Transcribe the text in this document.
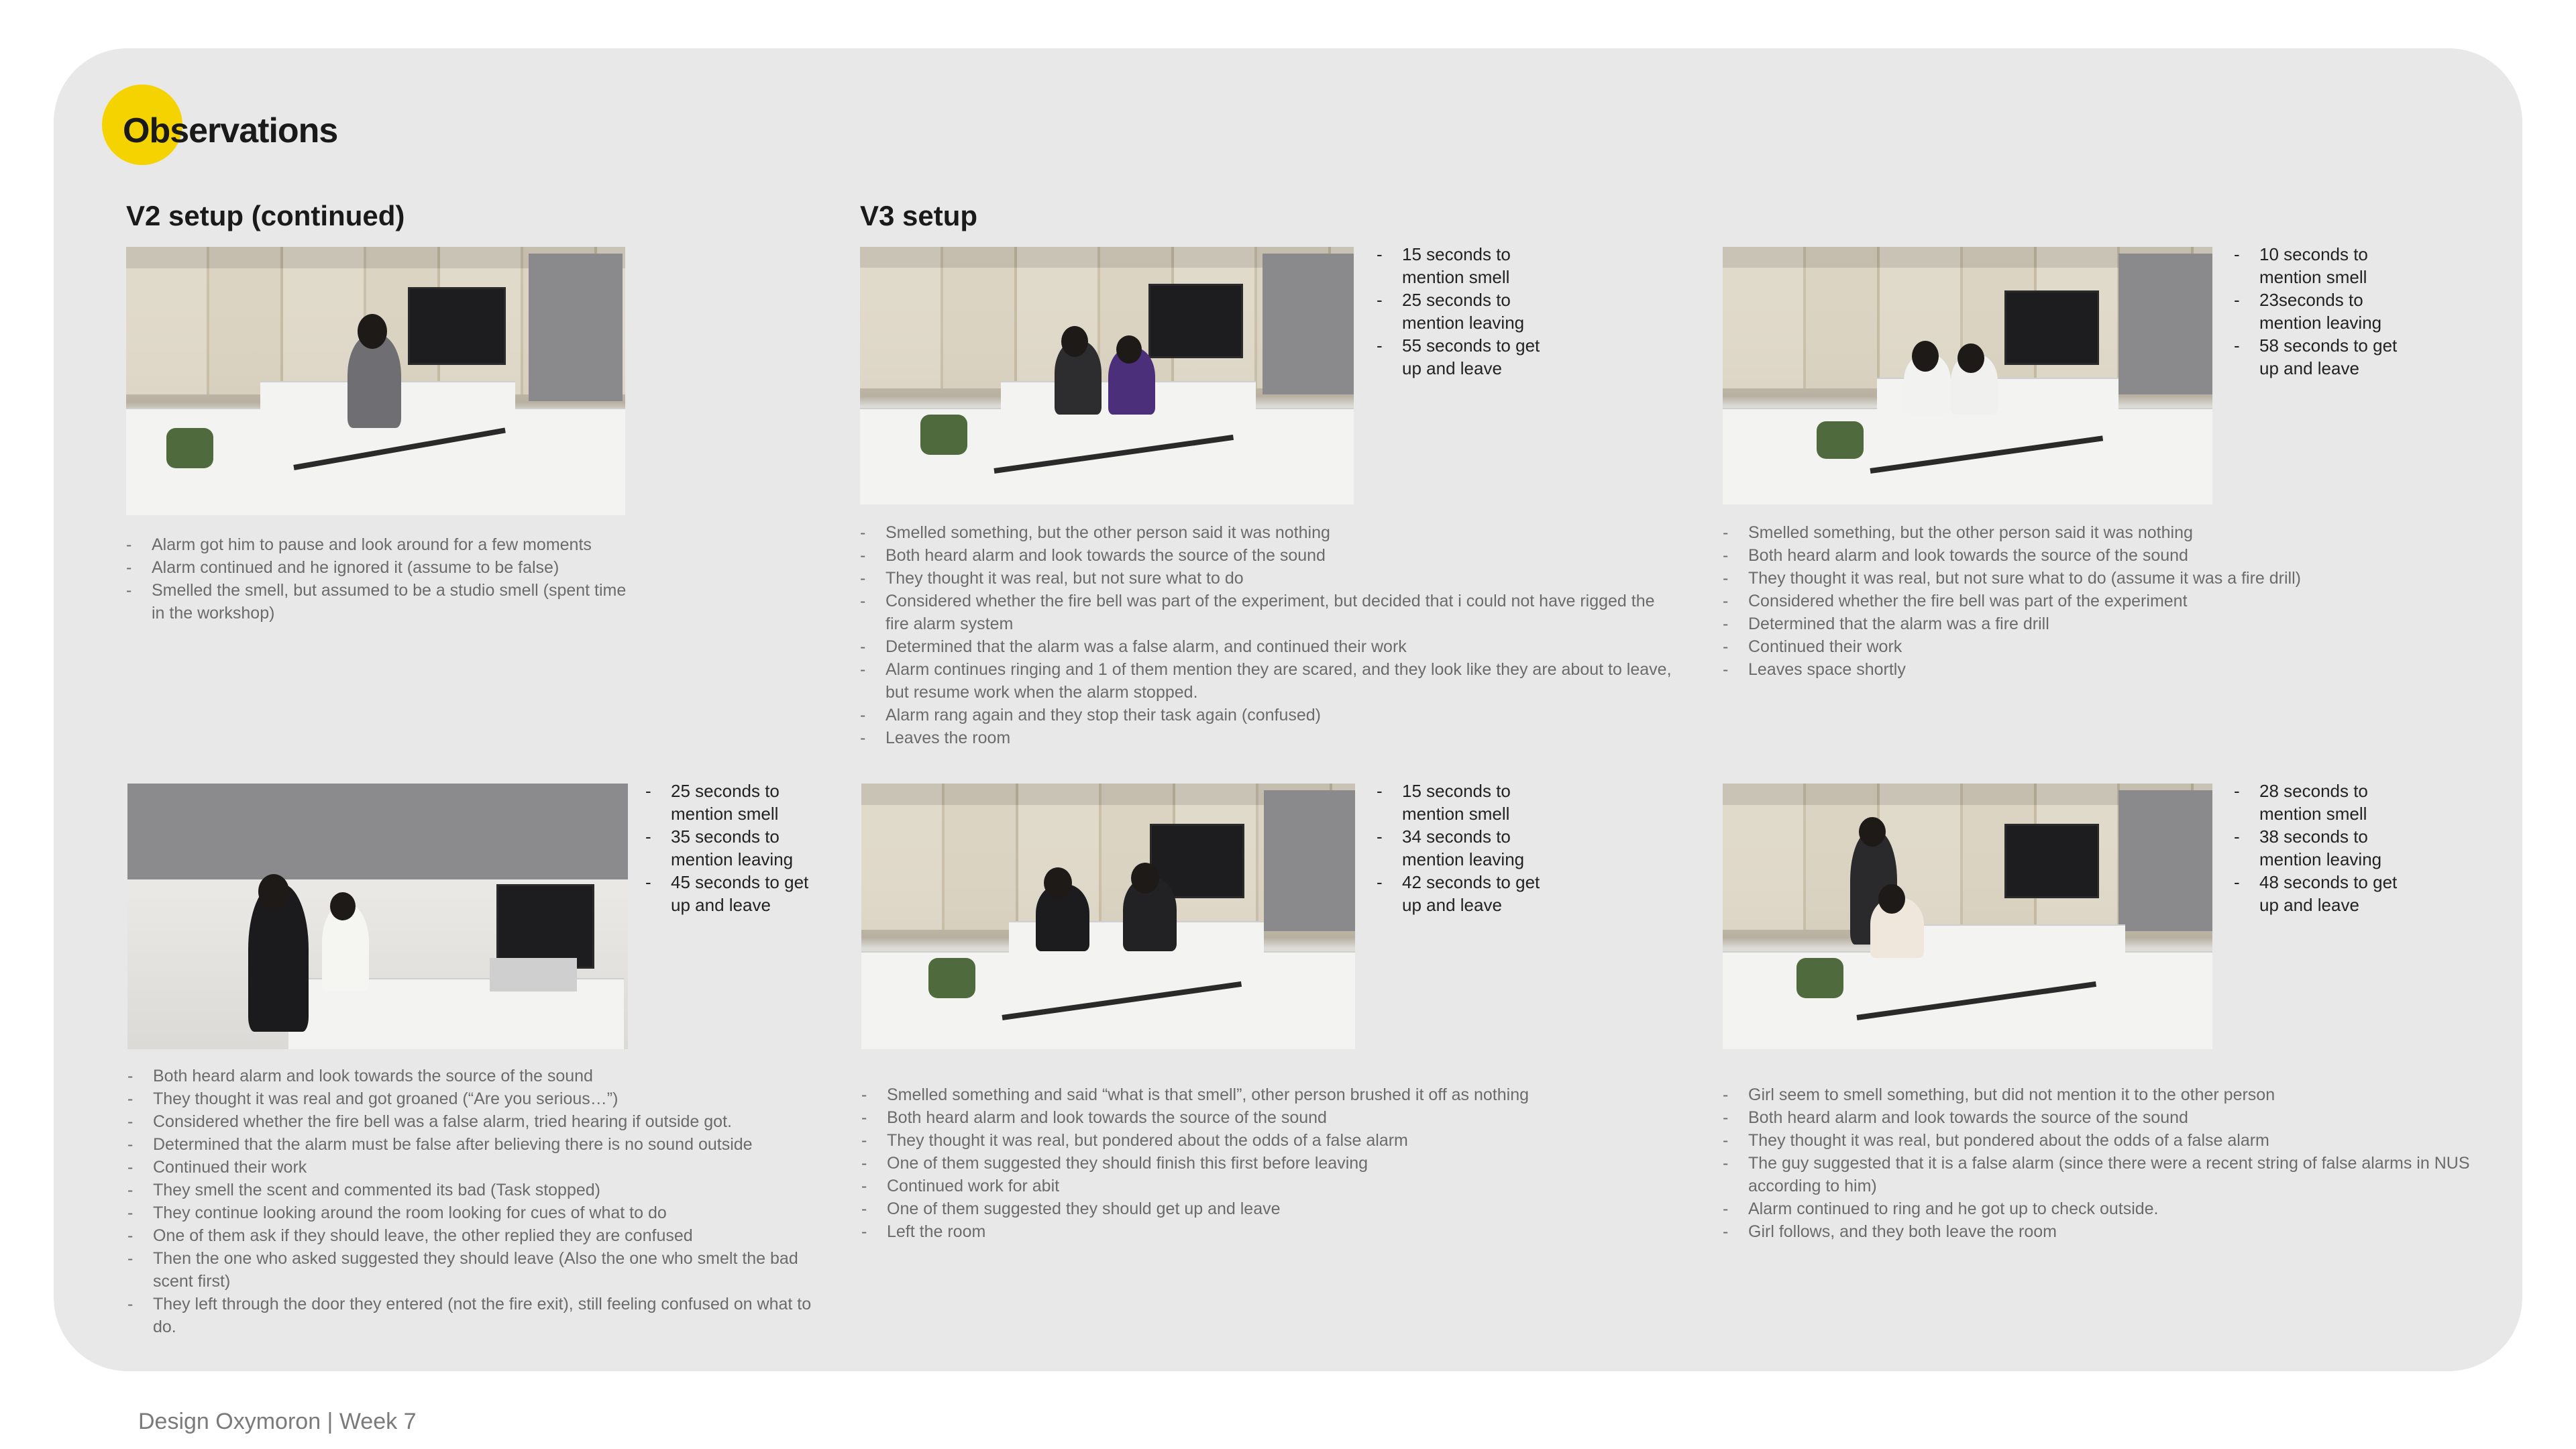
Observations
V2 setup (continued)	V3 setup
- Alarm got him to pause and look around for a few moments
- Alarm continued and he ignored it (assume to be false)
- Smelled the smell, but assumed to be a studio smell (spent time in the workshop)
- 15 seconds to mention smell
- 25 seconds to mention leaving
- 55 seconds to get up and leave
- Smelled something, but the other person said it was nothing
- Both heard alarm and look towards the source of the sound
- They thought it was real, but not sure what to do
- Considered whether the fire bell was part of the experiment, but decided that i could not have rigged the fire alarm system
- Determined that the alarm was a false alarm, and continued their work
- Alarm continues ringing and 1 of them mention they are scared, and they look like they are about to leave, but resume work when the alarm stopped.
- Alarm rang again and they stop their task again (confused)
- Leaves the room
- 10 seconds to mention smell
- 23seconds to mention leaving
- 58 seconds to get up and leave
- Smelled something, but the other person said it was nothing
- Both heard alarm and look towards the source of the sound
- They thought it was real, but not sure what to do (assume it was a fire drill)
- Considered whether the fire bell was part of the experiment
- Determined that the alarm was a fire drill
- Continued their work
- Leaves space shortly
- 25 seconds to mention smell
- 35 seconds to mention leaving
- 45 seconds to get up and leave
- Both heard alarm and look towards the source of the sound
- They thought it was real and got groaned (“Are you serious…”)
- Considered whether the fire bell was a false alarm, tried hearing if outside got.
- Determined that the alarm must be false after believing there is no sound outside
- Continued their work
- They smell the scent and commented its bad (Task stopped)
- They continue looking around the room looking for cues of what to do
- One of them ask if they should leave, the other replied they are confused
- Then the one who asked suggested they should leave (Also the one who smelt the bad scent first)
- They left through the door they entered (not the fire exit), still feeling confused on what to do.
- 15 seconds to mention smell
- 34 seconds to mention leaving
- 42 seconds to get up and leave
- Smelled something and said “what is that smell”, other person brushed it off as nothing
- Both heard alarm and look towards the source of the sound
- They thought it was real, but pondered about the odds of a false alarm
- One of them suggested they should finish this first before leaving
- Continued work for abit
- One of them suggested they should get up and leave
- Left the room
- 28 seconds to mention smell
- 38 seconds to mention leaving
- 48 seconds to get up and leave
- Girl seem to smell something, but did not mention it to the other person
- Both heard alarm and look towards the source of the sound
- They thought it was real, but pondered about the odds of a false alarm
- The guy suggested that it is a false alarm (since there were a recent string of false alarms in NUS according to him)
- Alarm continued to ring and he got up to check outside.
- Girl follows, and they both leave the room
Design Oxymoron | Week 7
